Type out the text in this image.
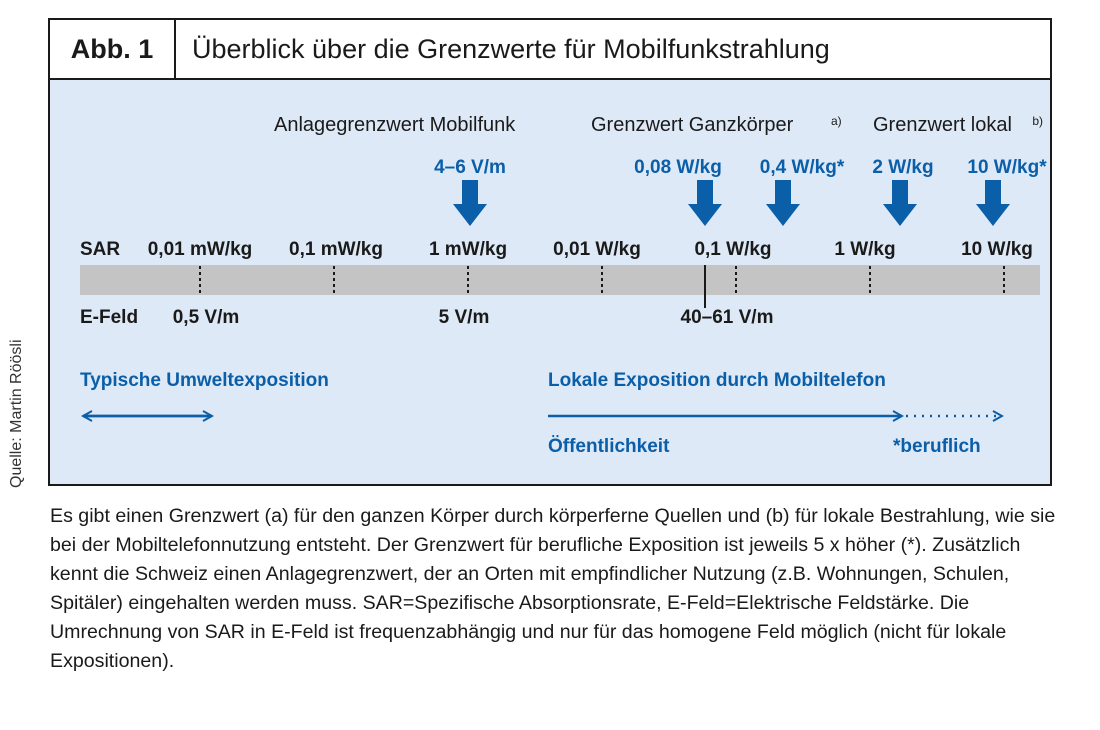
Abb. 1	Überblick über die Grenzwerte für Mobilfunkstrahlung
Anlagegrenzwert Mobilfunk	Grenzwert Ganzkörper	a) Grenzwert lokal b)
4–6 V/m	0,08 W/kg 0,4 W/kg* 2 W/kg 10 W/kg*
SAR 0,01 mW/kg 0,1 mW/kg 1 mW/kg 0,01 W/kg	0,1 W/kg	1 W/kg	10 W/kg
E-Feld 0,5 V/m	5 V/m	40–61 V/m
Typische Umweltexposition	Lokale Exposition durch Mobiltelefon
Öffentlichkeit	*beruflich
Quelle: Martin Röösli

Es gibt einen Grenzwert (a) für den ganzen Körper durch körperferne Quellen und (b) für lokale Bestrahlung, wie sie bei der Mobiltelefonnutzung entsteht. Der Grenzwert für berufliche Exposition ist jeweils 5 x höher (*). Zusätzlich kennt die Schweiz einen Anlagegrenzwert, der an Orten mit empfindlicher Nutzung (z.B. Wohnungen, Schulen, Spitäler) eingehalten werden muss. SAR=Spezifische Absorptionsrate, E-Feld=Elektrische Feldstärke. Die Umrechnung von SAR in E-Feld ist frequenzabhängig und nur für das homogene Feld möglich (nicht für lokale Expositionen).
